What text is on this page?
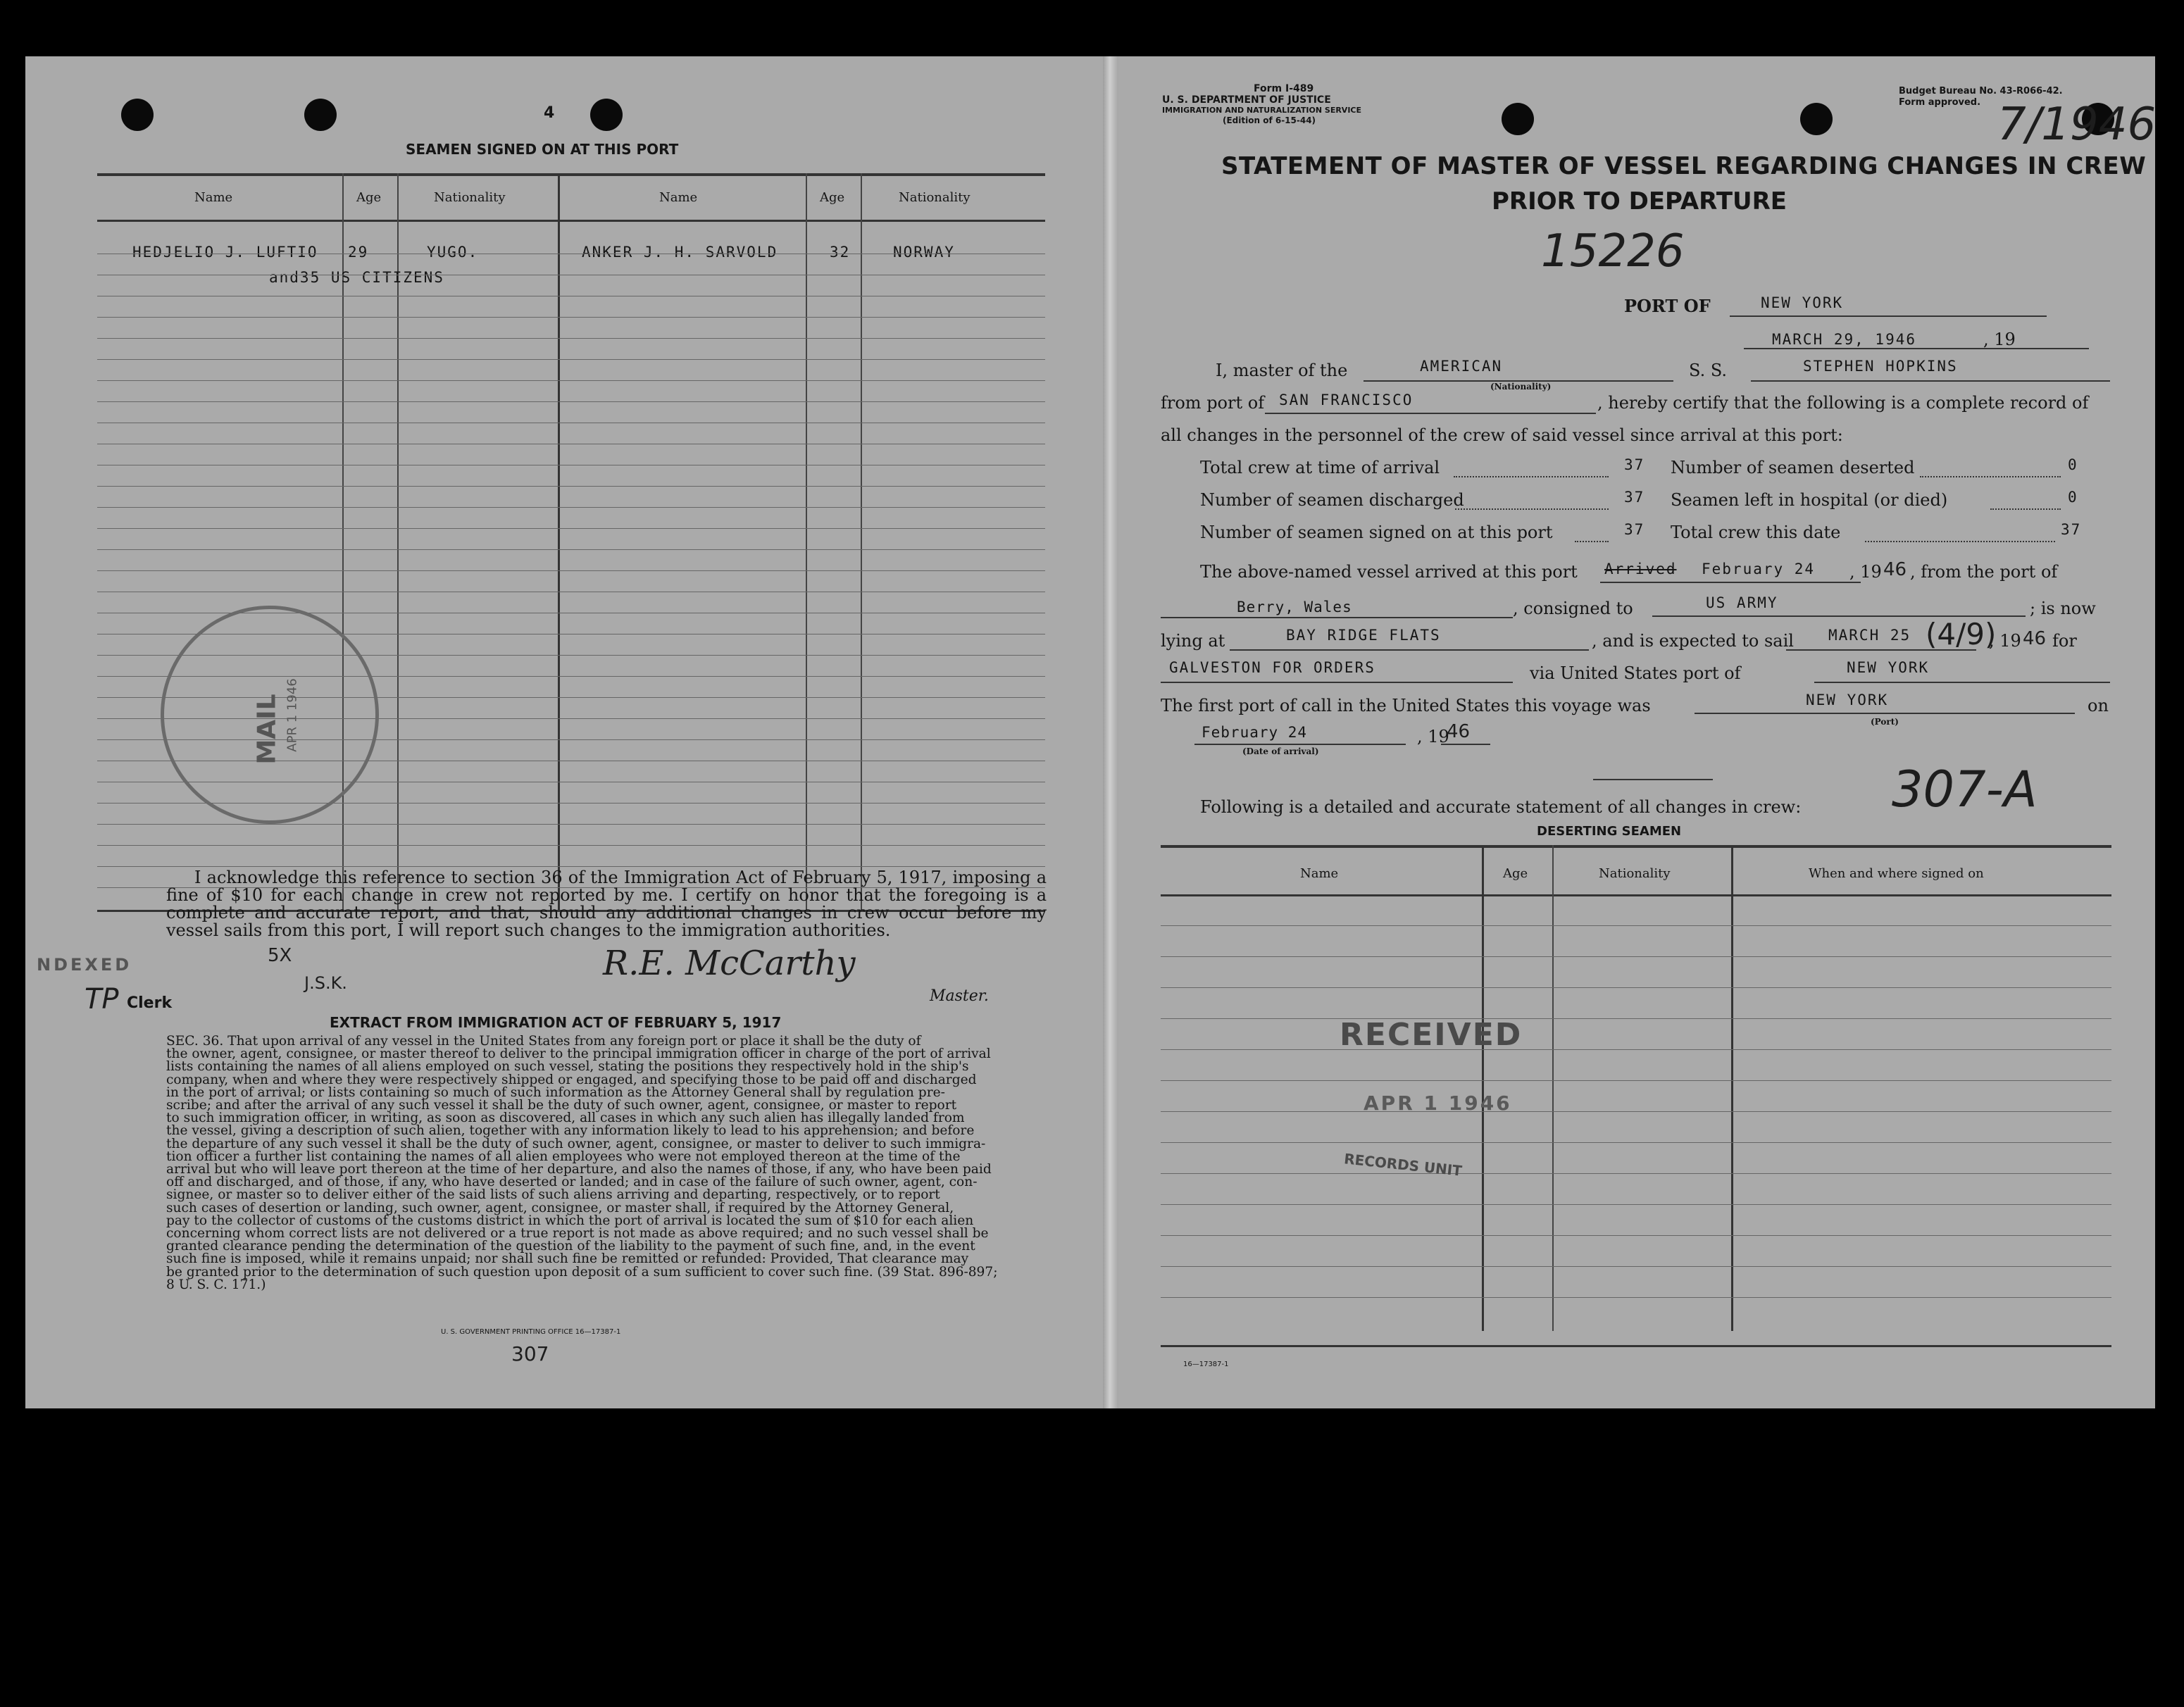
4
SEAMEN SIGNED ON AT THIS PORT
Name	Age	Nationality	Name	Age	Nationality
HEDJELIO J. LUFTIO 29	YUGO.	ANKER J. H. SARVOLD	32	NORWAY
and35 US CITIZENS
MAIL APR 1 1946
I acknowledge this reference to section 36 of the Immigration Act of February 5, 1917, imposing a fine of $10 for each change in crew not reported by me. I certify on honor that the foregoing is a complete and accurate report, and that, should any additional changes in crew occur before my vessel sails from this port, I will report such changes to the immigration authorities.
R.E. McCarthy
Master.
NDEXED
TP Clerk
5X
J.S.K.
EXTRACT FROM IMMIGRATION ACT OF FEBRUARY 5, 1917
SEC. 36. That upon arrival of any vessel in the United States from any foreign port or place it shall be the duty of
the owner, agent, consignee, or master thereof to deliver to the principal immigration officer in charge of the port of arrival
lists containing the names of all aliens employed on such vessel, stating the positions they respectively hold in the ship's
company, when and where they were respectively shipped or engaged, and specifying those to be paid off and discharged
in the port of arrival; or lists containing so much of such information as the Attorney General shall by regulation pre-
scribe; and after the arrival of any such vessel it shall be the duty of such owner, agent, consignee, or master to report
to such immigration officer, in writing, as soon as discovered, all cases in which any such alien has illegally landed from
the vessel, giving a description of such alien, together with any information likely to lead to his apprehension; and before
the departure of any such vessel it shall be the duty of such owner, agent, consignee, or master to deliver to such immigra-
tion officer a further list containing the names of all alien employees who were not employed thereon at the time of the
arrival but who will leave port thereon at the time of her departure, and also the names of those, if any, who have been paid
off and discharged, and of those, if any, who have deserted or landed; and in case of the failure of such owner, agent, con-
signee, or master so to deliver either of the said lists of such aliens arriving and departing, respectively, or to report
such cases of desertion or landing, such owner, agent, consignee, or master shall, if required by the Attorney General,
pay to the collector of customs of the customs district in which the port of arrival is located the sum of $10 for each alien
concerning whom correct lists are not delivered or a true report is not made as above required; and no such vessel shall be
granted clearance pending the determination of the question of the liability to the payment of such fine, and, in the event
such fine is imposed, while it remains unpaid; nor shall such fine be remitted or refunded: Provided, That clearance may
be granted prior to the determination of such question upon deposit of a sum sufficient to cover such fine. (39 Stat. 896-897;
8 U. S. C. 171.)
U. S. GOVERNMENT PRINTING OFFICE 16—17387-1
307
Form I-489
U. S. DEPARTMENT OF JUSTICE
IMMIGRATION AND NATURALIZATION SERVICE
(Edition of 6-15-44)
Budget Bureau No. 43-R066-42.
Form approved. 7/1946
STATEMENT OF MASTER OF VESSEL REGARDING CHANGES IN CREW
PRIOR TO DEPARTURE
15226
PORT OF	NEW YORK
MARCH 29, 1946	, 19
I, master of the	AMERICAN
(Nationality)
S. S.	STEPHEN HOPKINS
from port of SAN FRANCISCO	, hereby certify that the following is a complete record of
all changes in the personnel of the crew of said vessel since arrival at this port:
Total crew at time of arrival	37
Number of seamen discharged	37
Number of seamen signed on at this port	37
Number of seamen deserted	0
Seamen left in hospital (or died)	0
Total crew this date	37
The above-named vessel arrived at this port Arrived February 24 , 19 46 , from the port of
Berry, Wales	, consigned to	US ARMY	; is now
lying at	BAY RIDGE FLATS	, and is expected to sail MARCH 25 (4/9)
, 19 46 for
GALVESTON FOR ORDERS	via United States port of	NEW YORK
The first port of call in the United States this voyage was	NEW YORK
(Port)
on
February 24	, 19
46
(Date of arrival)
307-A
Following is a detailed and accurate statement of all changes in crew:
DESERTING SEAMEN
Name	Age	Nationality	When and where signed on
RECEIVED
APR 1 1946
RECORDS UNIT
16—17387-1
